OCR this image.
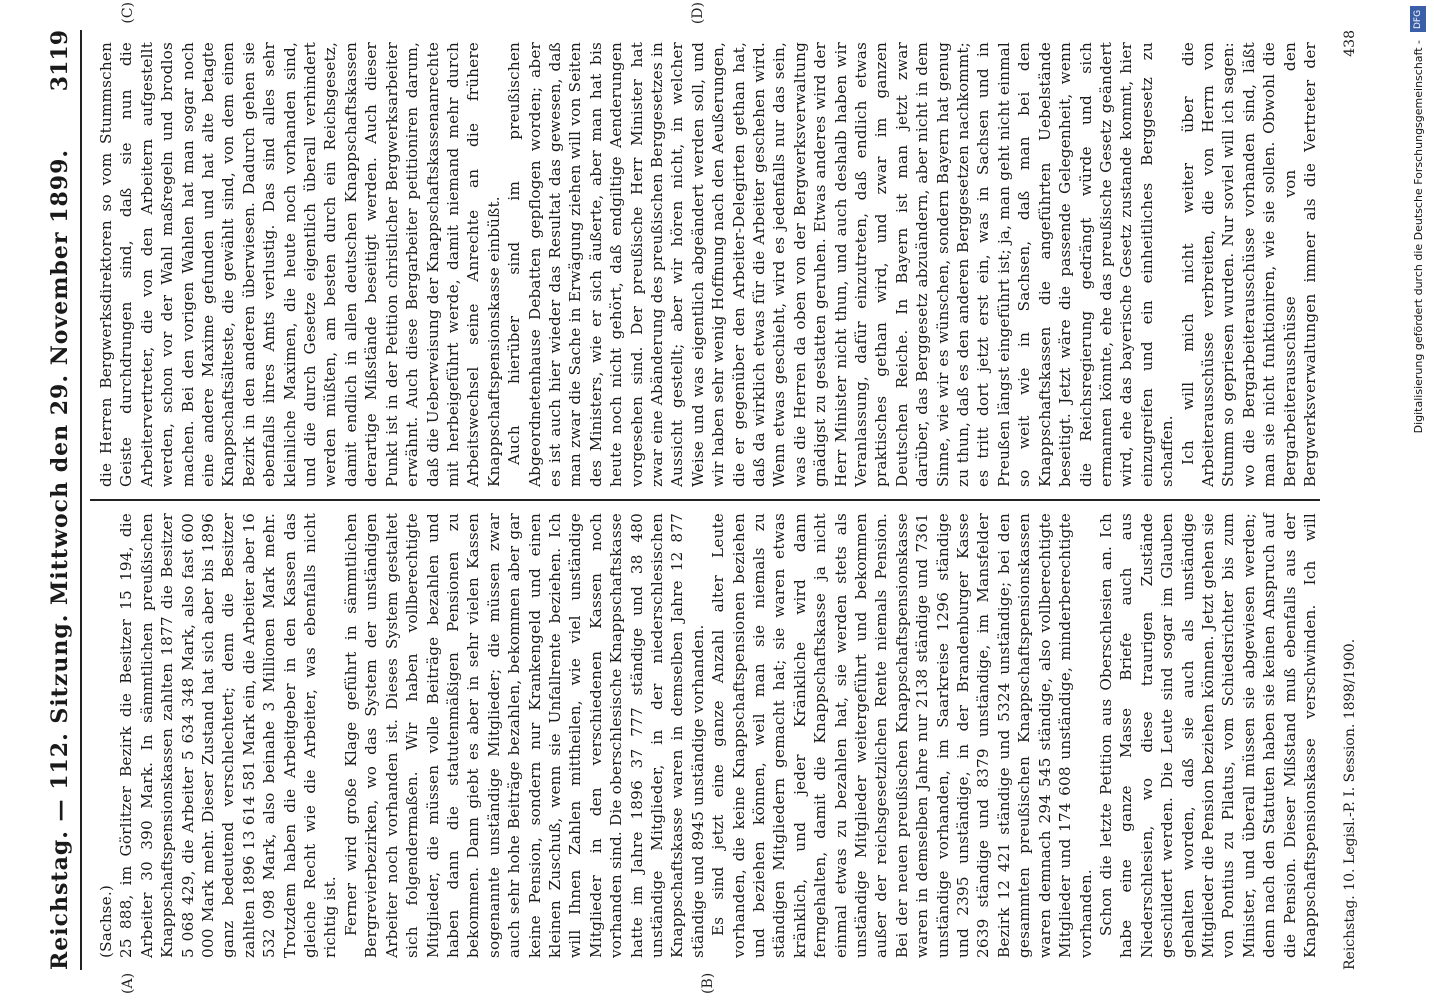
Reichstag. — 112. Sitzung. Mittwoch den 29. November 1899.
3119
(A)	(B)
(C)	(D)

(Sachse.) 25 888, im Görlitzer Bezirk die Besitzer 15 194, die Arbeiter 30 390 Mark. In sämmtlichen preußischen Knappschaftspensionskassen zahlten 1877 die Besitzer 5 068 429, die Arbeiter 5 634 348 Mark, also fast 600 000 Mark mehr. Dieser Zustand hat sich aber bis 1896 ganz bedeutend verschlechtert; denn die Besitzer zahlten 1896 13 614 581 Mark ein, die Arbeiter aber 16 532 098 Mark, also beinahe 3 Millionen Mark mehr. Trotzdem haben die Arbeitgeber in den Kassen das gleiche Recht wie die Arbeiter, was ebenfalls nicht richtig ist. Ferner wird große Klage geführt in sämmtlichen Bergrevierbezirken, wo das System der unständigen Arbeiter noch vorhanden ist. Dieses System gestaltet sich folgendermaßen. Wir haben vollberechtigte Mitglieder, die müssen volle Beiträge bezahlen und haben dann die statutenmäßigen Pensionen zu bekommen. Dann giebt es aber in sehr vielen Kassen sogenannte unständige Mitglieder; die müssen zwar auch sehr hohe Beiträge bezahlen, bekommen aber gar keine Pension, sondern nur Krankengeld und einen kleinen Zuschuß, wenn sie Unfallrente beziehen. Ich will Ihnen Zahlen mittheilen, wie viel unständige Mitglieder in den verschiedenen Kassen noch vorhanden sind. Die oberschlesische Knappschaftskasse hatte im Jahre 1896 37 777 ständige und 38 480 unständige Mitglieder, in der niederschlesischen Knappschaftskasse waren in demselben Jahre 12 877 ständige und 8945 unständige vorhanden. Es sind jetzt eine ganze Anzahl alter Leute vorhanden, die keine Knappschaftspensionen beziehen und beziehen können, weil man sie niemals zu ständigen Mitgliedern gemacht hat; sie waren etwas kränklich, und jeder Kränkliche wird dann ferngehalten, damit die Knappschaftskasse ja nicht einmal etwas zu bezahlen hat, sie werden stets als unständige Mitglieder weitergeführt und bekommen außer der reichsgesetzlichen Rente niemals Pension. Bei der neuen preußischen Knappschaftspensionskasse waren in demselben Jahre nur 2138 ständige und 7361 unständige vorhanden, im Saarkreise 1296 ständige und 2395 unständige, in der Brandenburger Kasse 2639 ständige und 8379 unständige, im Mansfelder Bezirk 12 421 ständige und 5324 unständige; bei den gesammten preußischen Knappschaftspensionskassen waren demnach 294 545 ständige, also vollberechtigte Mitglieder und 174 608 unständige, minderberechtigte vorhanden. Schon die letzte Petition aus Oberschlesien an. Ich habe eine ganze Masse Briefe auch aus Niederschlesien, wo diese traurigen Zustände geschildert werden. Die Leute sind sogar im Glauben gehalten worden, daß sie auch als unständige Mitglieder die Pension beziehen können. Jetzt gehen sie von Pontius zu Pilatus, vom Schiedsrichter bis zum Minister, und überall müssen sie abgewiesen werden; denn nach den Statuten haben sie keinen Anspruch auf die Pension. Dieser Mißstand muß ebenfalls aus der Knappschaftspensionskasse verschwinden. Ich will

die Herren Bergwerksdirektoren so vom Stummschen Geiste durchdrungen sind, daß sie nun die Arbeitervertreter, die von den Arbeitern aufgestellt werden, schon vor der Wahl maßregeln und brodlos machen. Bei den vorigen Wahlen hat man sogar noch eine andere Maxime gefunden und hat alte betagte Knappschaftsälteste, die gewählt sind, von dem einen Bezirk in den anderen überwiesen. Dadurch gehen sie ebenfalls ihres Amts verlustig. Das sind alles sehr kleinliche Maximen, die heute noch vorhanden sind, und die durch Gesetze eigentlich überall verhindert werden müßten, am besten durch ein Reichsgesetz, damit endlich in allen deutschen Knappschaftskassen derartige Mißstände beseitigt werden. Auch dieser Punkt ist in der Petition christlicher Bergwerksarbeiter erwähnt. Auch diese Bergarbeiter petitioniren darum, daß die Ueberweisung der Knappschaftskassenanrechte mit herbeigeführt werde, damit niemand mehr durch Arbeitswechsel seine Anrechte an die frühere Knappschaftspensionskasse einbüßt. Auch hierüber sind im preußischen Abgeordnetenhause Debatten gepflogen worden; aber es ist auch hier wieder das Resultat das gewesen, daß man zwar die Sache in Erwägung ziehen will von Seiten des Ministers, wie er sich äußerte, aber man hat bis heute noch nicht gehört, daß endgiltige Aenderungen vorgesehen sind. Der preußische Herr Minister hat zwar eine Abänderung des preußischen Berggesetzes in Aussicht gestellt; aber wir hören nicht, in welcher Weise und was eigentlich abgeändert werden soll, und wir haben sehr wenig Hoffnung nach den Aeußerungen, die er gegenüber den Arbeiter-Delegirten gethan hat, daß da wirklich etwas für die Arbeiter geschehen wird. Wenn etwas geschieht, wird es jedenfalls nur das sein, was die Herren da oben von der Bergwerksverwaltung gnädigst zu gestatten geruhen. Etwas anderes wird der Herr Minister nicht thun, und auch deshalb haben wir Veranlassung, dafür einzutreten, daß endlich etwas praktisches gethan wird, und zwar im ganzen Deutschen Reiche. In Bayern ist man jetzt zwar darüber, das Berggesetz abzuändern, aber nicht in dem Sinne, wie wir es wünschen, sondern Bayern hat genug zu thun, daß es den anderen Berggesetzen nachkommt; es tritt dort jetzt erst ein, was in Sachsen und in Preußen längst eingeführt ist; ja, man geht nicht einmal so weit wie in Sachsen, daß man bei den Knappschaftskassen die angeführten Uebelstände beseitigt. Jetzt wäre die passende Gelegenheit, wenn die Reichsregierung gedrängt würde und sich ermannen könnte, ehe das preußische Gesetz geändert wird, ehe das bayerische Gesetz zustande kommt, hier einzugreifen und ein einheitliches Berggesetz zu schaffen. Ich will mich nicht weiter über die Arbeiterausschüsse verbreiten, die von Herrn von Stumm so gepriesen wurden. Nur soviel will ich sagen: wo die Bergarbeiterausschüsse vorhanden sind, läßt man sie nicht funktioniren, wie sie sollen. Obwohl die Bergarbeiterausschüsse von den Bergwerksverwaltungen immer als die Vertreter der

Reichstag. 10. Legisl.-P. I. Session. 1898/1900.
438
DFG
Digitalisierung gefördert durch die Deutsche Forschungsgemeinschaft -
